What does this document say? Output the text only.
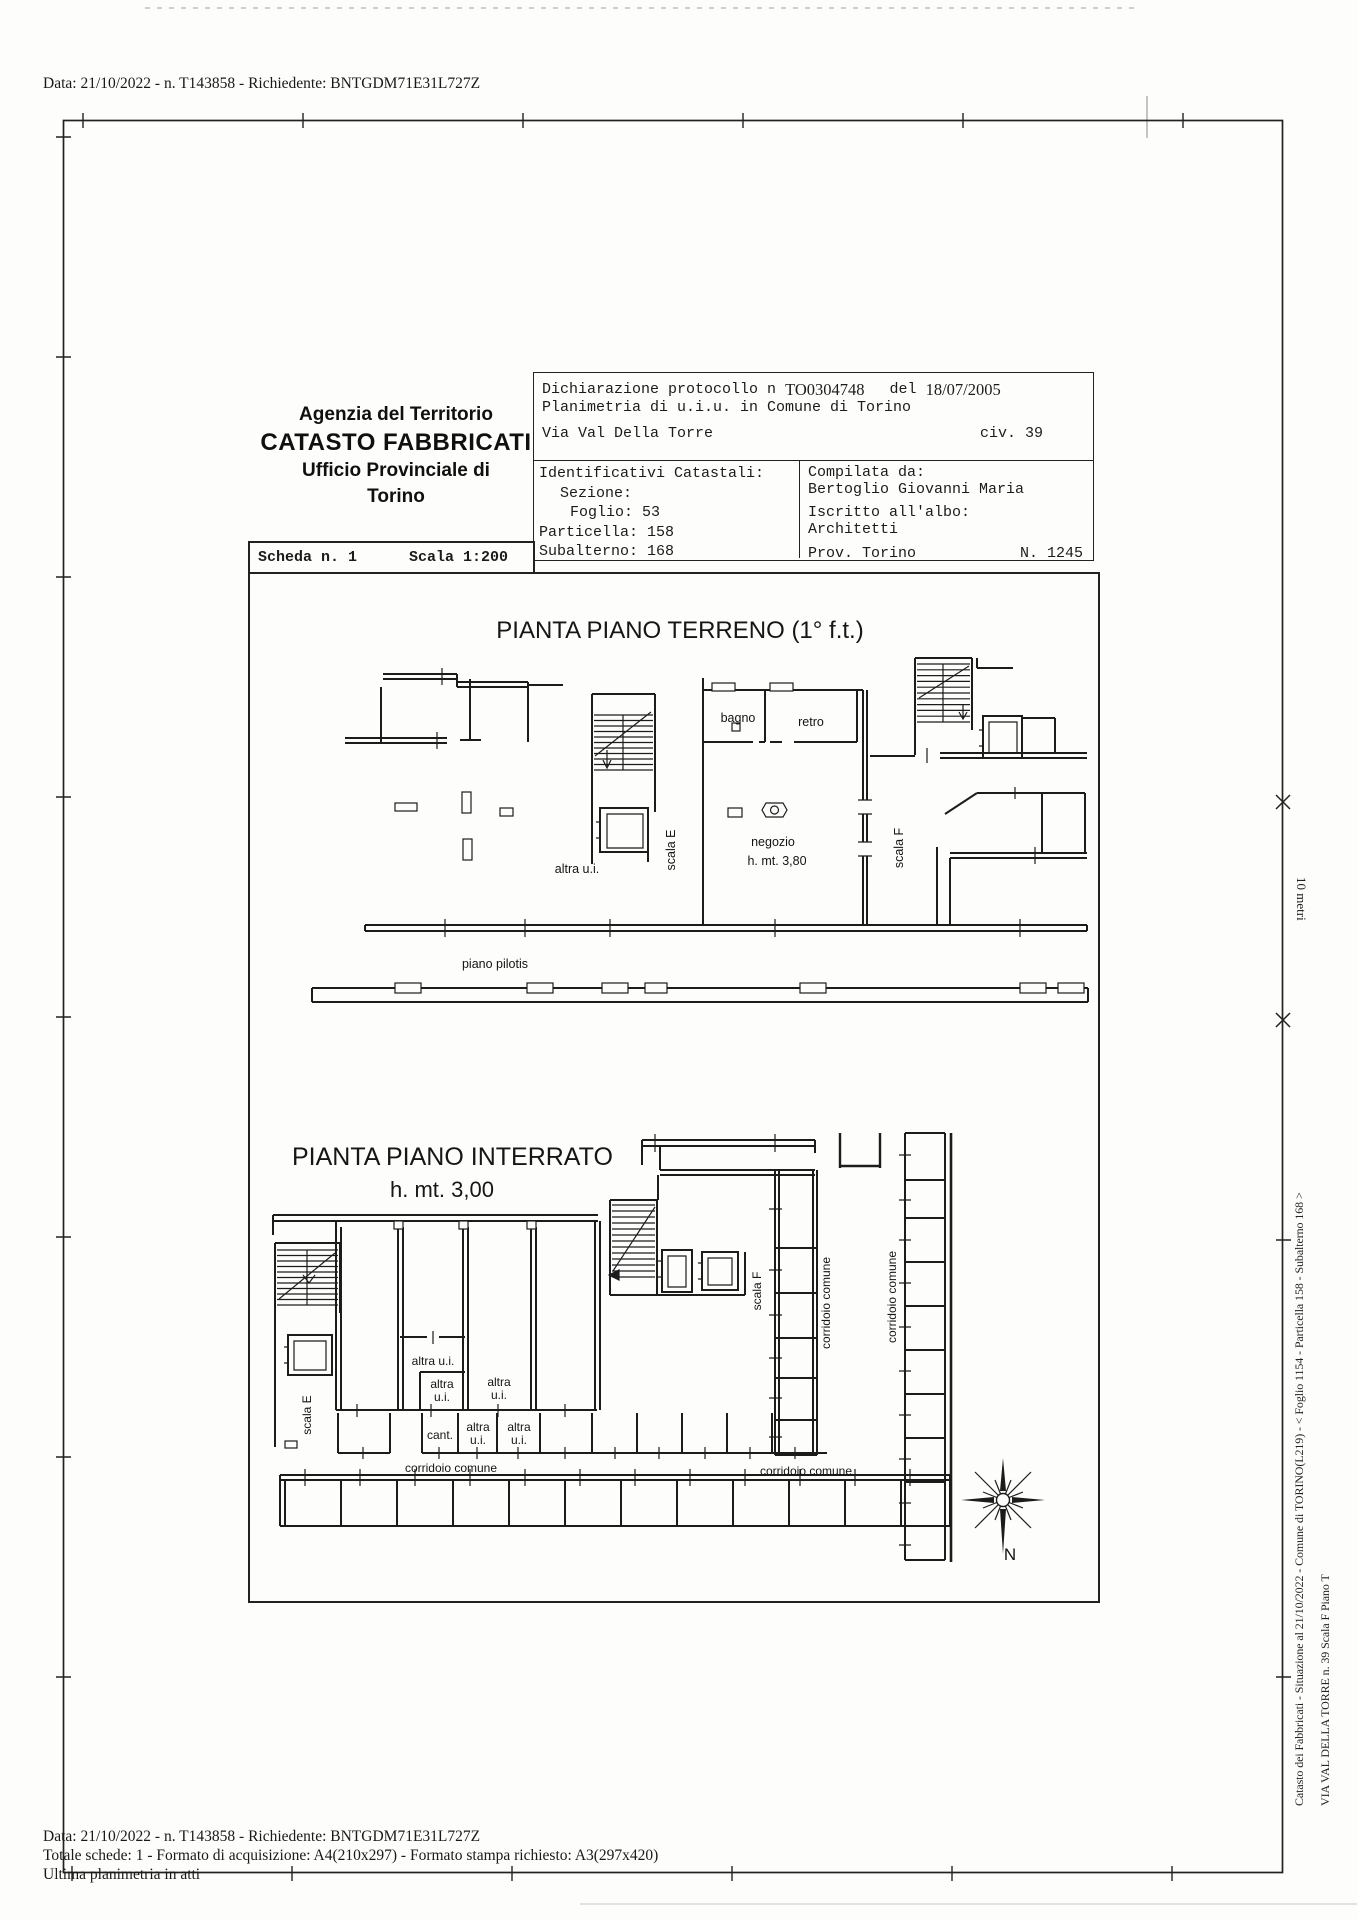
Data: 21/10/2022 - n. T143858 - Richiedente: BNTGDM71E31L727Z
Agenzia del Territorio
CATASTO FABBRICATI
Ufficio Provinciale di
Torino
Scheda n. 1	Scala 1:200
Dichiarazione protocollo n TO0304748 del 18/07/2005
Planimetria di u.i.u. in Comune di Torino
Via Val Della Torre	civ. 39
Identificativi Catastali:
Sezione:
Foglio: 53
Particella: 158
Subalterno: 168
Compilata da:
Bertoglio Giovanni Maria
Iscritto all'albo:
Architetti
Prov. Torino	N. 1245
PIANTA PIANO TERRENO (1° f.t.)
PIANTA PIANO INTERRATO
h. mt. 3,00
bagno	retro
negozio
h. mt. 3,80
altra u.i.	scala E	scala F
piano pilotis
N
altra u.i.
altra
u.i.
altra
u.i.
cant.
altra
u.i.
altra
u.i.
corridoio comune	corridoio comune
scala E
scala F	corridoio comune	corridoio comune
10 metri
Catasto dei Fabbricati - Situazione al 21/10/2022 - Comune di TORINO(L219) - < Foglio 1154 - Particella 158 - Subalterno 168 > VIA VAL DELLA TORRE n. 39 Scala F Piano T
Data: 21/10/2022 - n. T143858 - Richiedente: BNTGDM71E31L727Z
Totale schede: 1 - Formato di acquisizione: A4(210x297) - Formato stampa richiesto: A3(297x420)
Ultima planimetria in atti
